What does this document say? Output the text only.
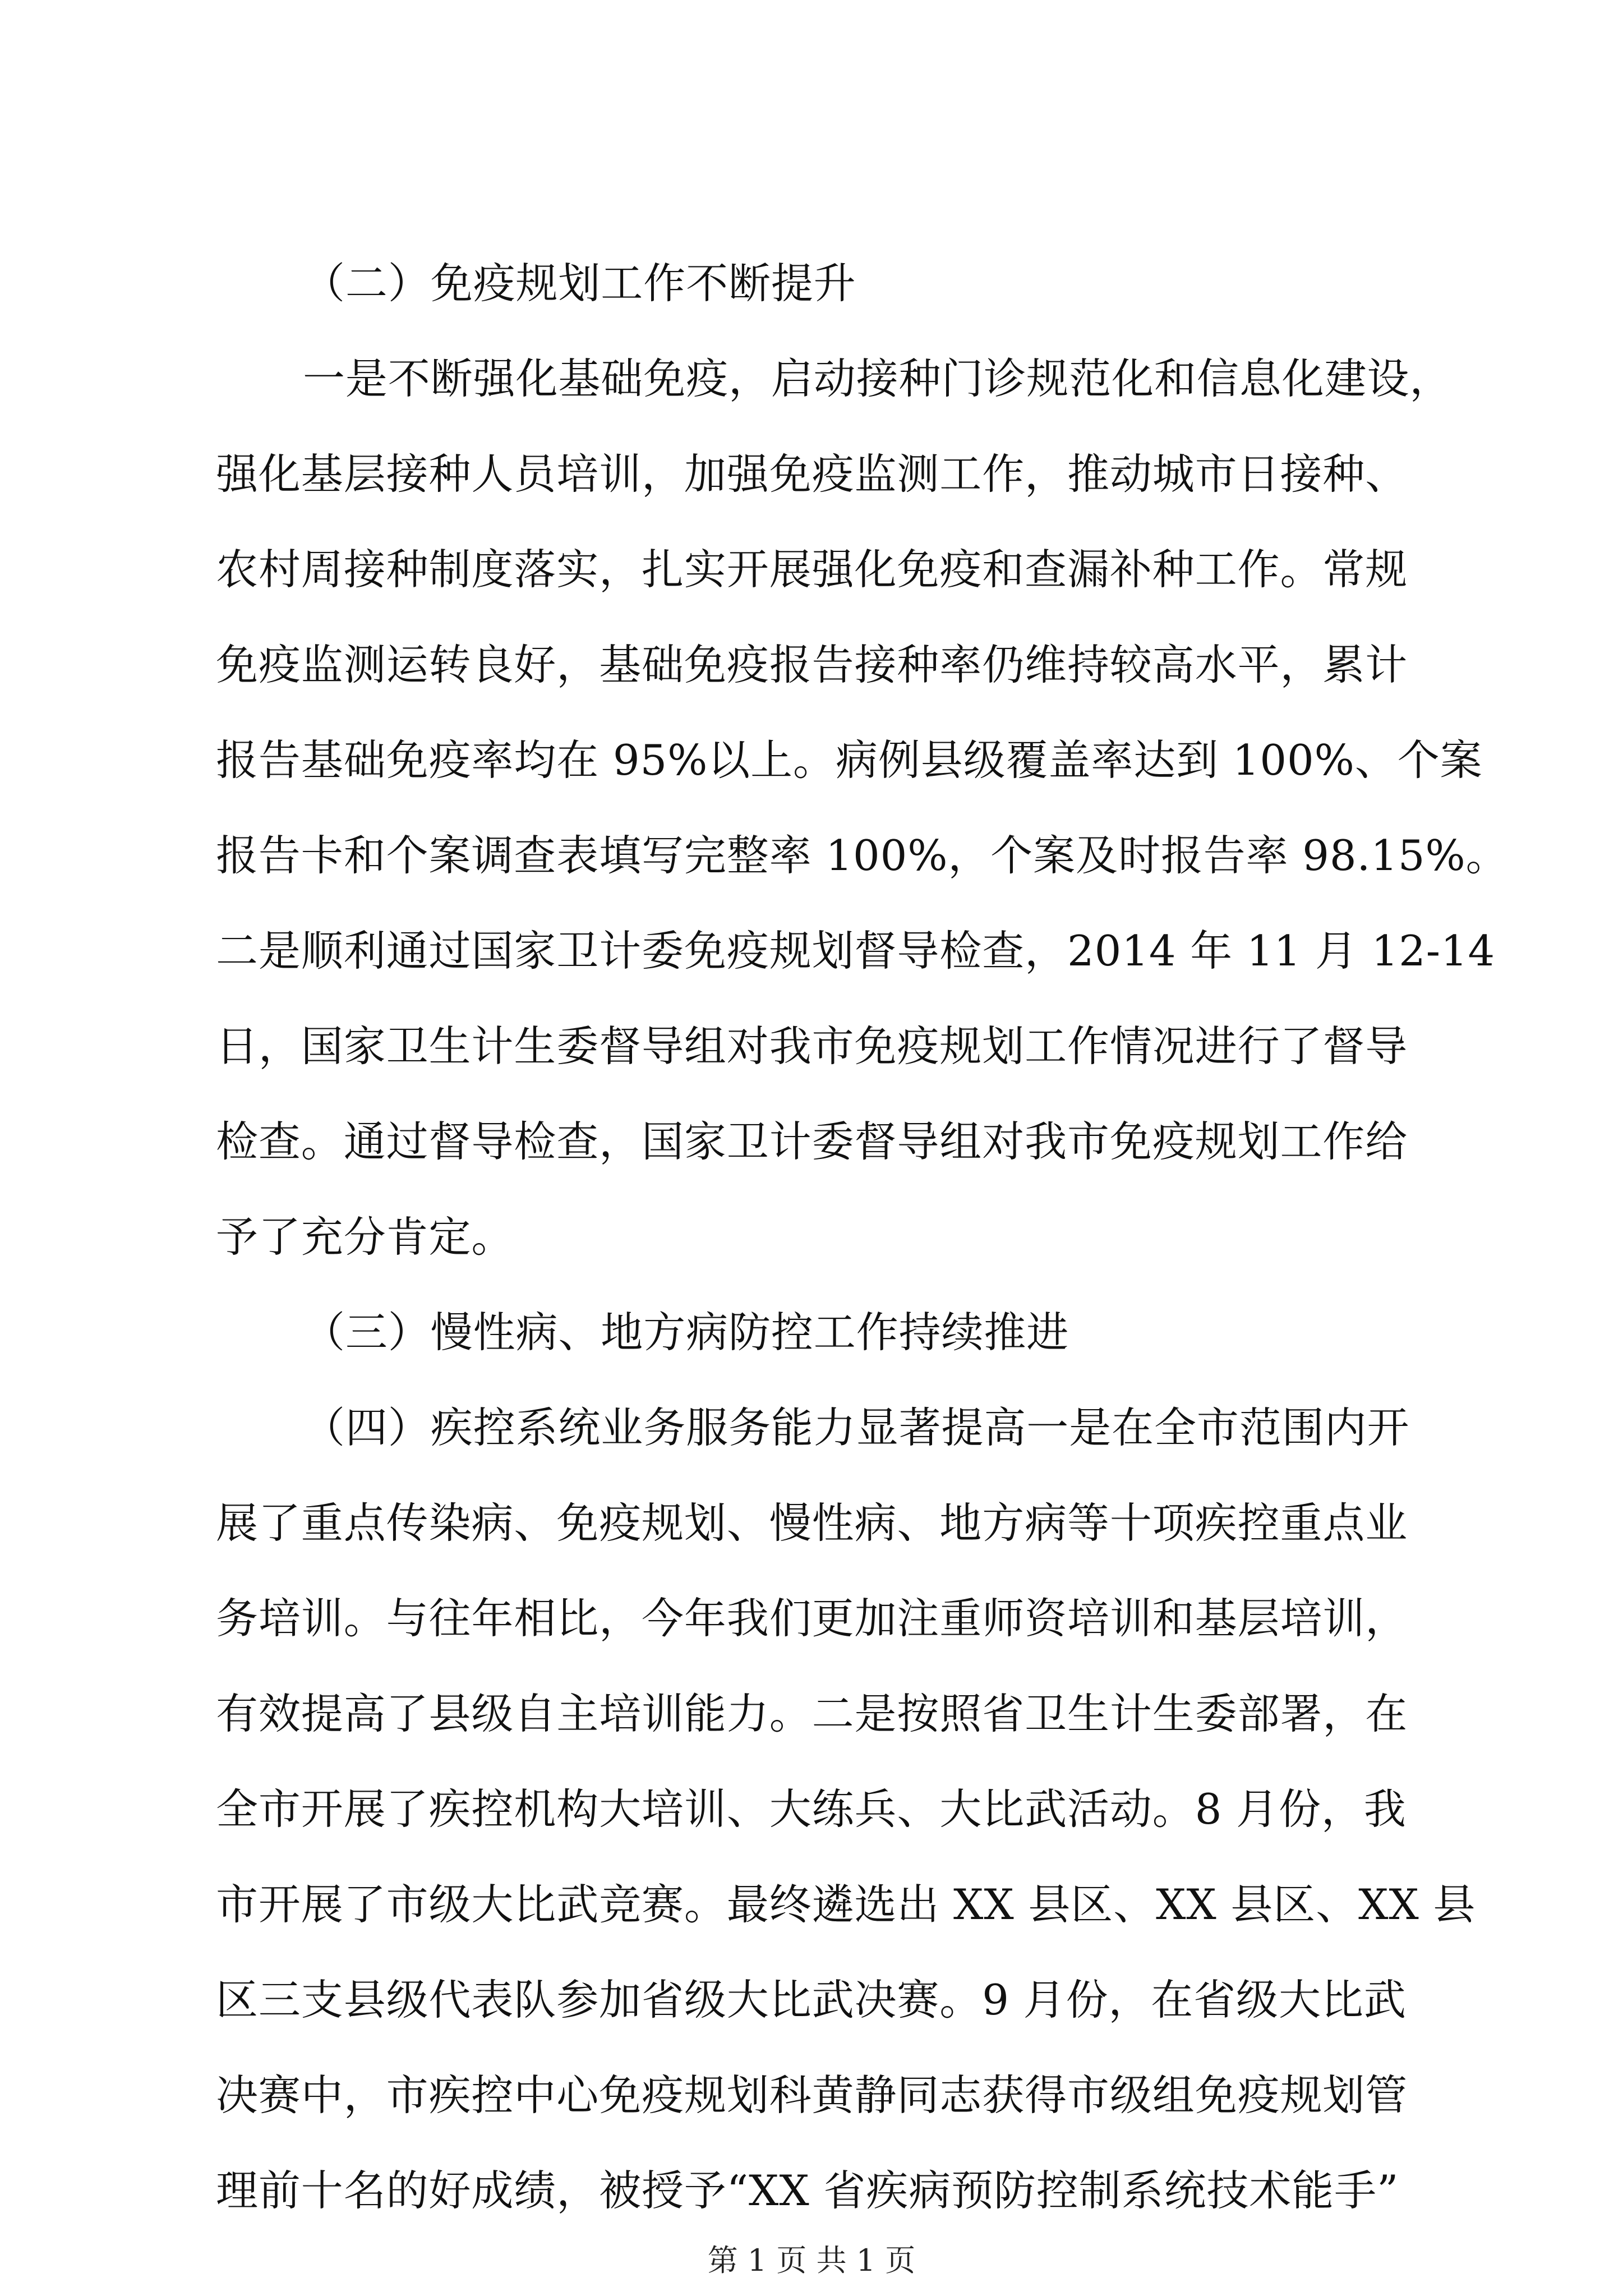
（二）免疫规划工作不断提升
一是不断强化基础免疫，启动接种门诊规范化和信息化建设，
强化基层接种人员培训，加强免疫监测工作，推动城市日接种、
农村周接种制度落实，扎实开展强化免疫和查漏补种工作。常规
免疫监测运转良好，基础免疫报告接种率仍维持较高水平，累计
报告基础免疫率均在 95%以上。病例县级覆盖率达到 100%、个案
报告卡和个案调查表填写完整率 100%，个案及时报告率 98.15%。
二是顺利通过国家卫计委免疫规划督导检查，2014 年 11 月 12-14
日，国家卫生计生委督导组对我市免疫规划工作情况进行了督导
检查。通过督导检查，国家卫计委督导组对我市免疫规划工作给
予了充分肯定。
（三）慢性病、地方病防控工作持续推进
（四）疾控系统业务服务能力显著提高一是在全市范围内开
展了重点传染病、免疫规划、慢性病、地方病等十项疾控重点业
务培训。与往年相比，今年我们更加注重师资培训和基层培训，
有效提高了县级自主培训能力。二是按照省卫生计生委部署，在
全市开展了疾控机构大培训、大练兵、大比武活动。8 月份，我
市开展了市级大比武竞赛。最终遴选出 XX 县区、XX 县区、XX 县
区三支县级代表队参加省级大比武决赛。9 月份，在省级大比武
决赛中，市疾控中心免疫规划科黄静同志获得市级组免疫规划管
理前十名的好成绩，被授予“XX 省疾病预防控制系统技术能手”
第 1 页 共 1 页
